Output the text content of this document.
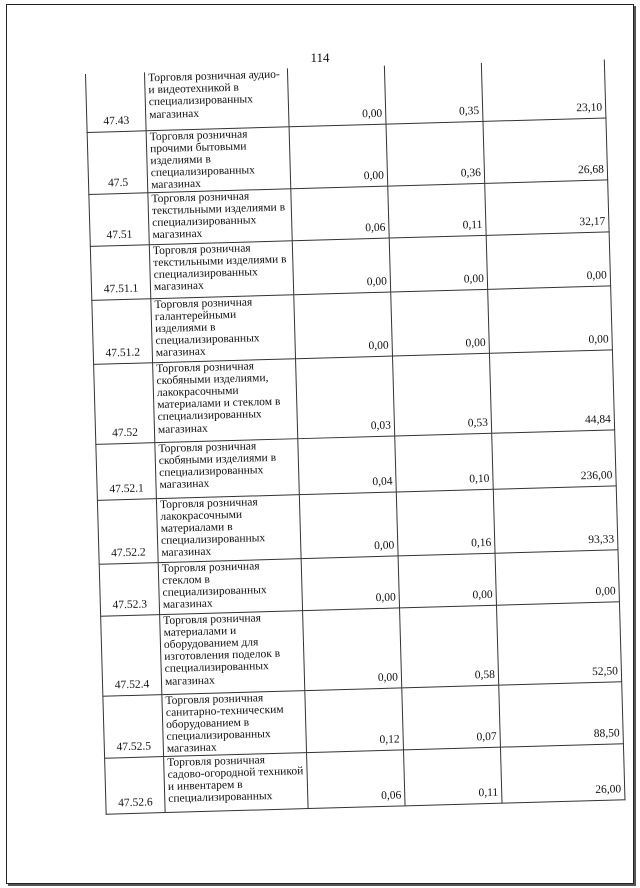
114
47.43	Торговля розничная аудио- и видеотехникой в специализированных магазинах	0,00	0,35	23,10
47.5	Торговля розничная прочими бытовыми изделиями в специализированных магазинах	0,00	0,36	26,68
47.51	Торговля розничная текстильными изделиями в специализированных магазинах	0,06	0,11	32,17
47.51.1	Торговля розничная текстильными изделиями в специализированных магазинах	0,00	0,00	0,00
47.51.2	Торговля розничная галантерейными изделиями в специализированных магазинах	0,00	0,00	0,00
47.52	Торговля розничная скобяными изделиями, лакокрасочными материалами и стеклом в специализированных магазинах	0,03	0,53	44,84
47.52.1	Торговля розничная скобяными изделиями в специализированных магазинах	0,04	0,10	236,00
47.52.2	Торговля розничная лакокрасочными материалами в специализированных магазинах	0,00	0,16	93,33
47.52.3	Торговля розничная стеклом в специализированных магазинах	0,00	0,00	0,00
47.52.4	Торговля розничная материалами и оборудованием для изготовления поделок в специализированных магазинах	0,00	0,58	52,50
47.52.5	Торговля розничная санитарно-техническим оборудованием в специализированных магазинах	0,12	0,07	88,50
47.52.6	Торговля розничная садово-огородной техникой и инвентарем в специализированных	0,06	0,11	26,00
